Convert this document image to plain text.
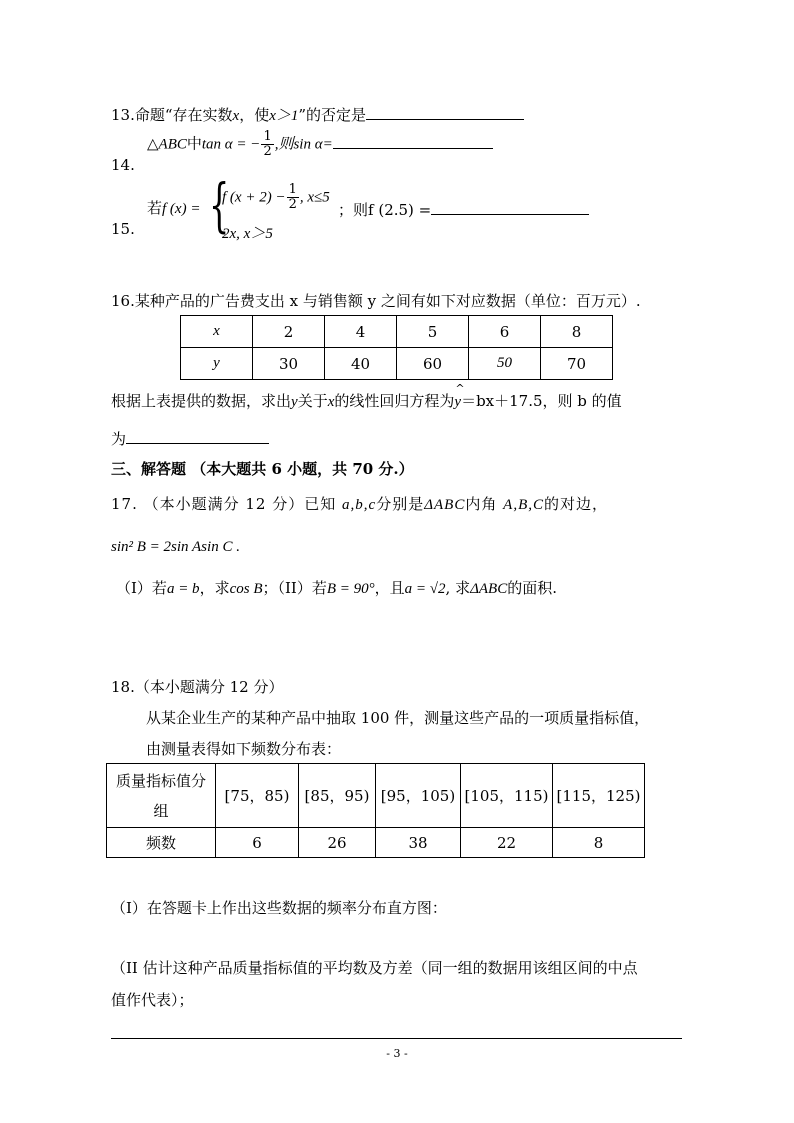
13.命题“存在实数x，使x＞1”的否定是
△ABC中tan α = − $\frac{1}{2}$ ,则sin α=
14.
若f (x) = {
f $(x + 2) - \frac{1}{2}$ , x≤5
2x, x＞5
；则f (2.5) =
15.
16.某种产品的广告费支出 x 与销售额 y 之间有如下对应数据（单位：百万元）.
x	2	4	5	6	8
y	30	40	60	50	70
根据上表提供的数据，求出y关于x的线性回归方程为
^
y＝bx＋17.5，则 b 的值
为
三、解答题 （本大题共 6 小题，共 70 分.）
17. （本小题满分 12 分）已知 a,b,c分别是ΔABC内角 A,B,C的对边，
sin² B = 2sin Asin C .
（I）若a = b，求cos B；（II）若B = 90°，且a = √2, 求ΔABC的面积.
18.（本小题满分 12 分）
从某企业生产的某种产品中抽取 100 件，测量这些产品的一项质量指标值，
由测量表得如下频数分布表：
质量指标值分
组	[75，85)	[85，95)	[95，105)	[105，115)	[115，125)
频数	6	26	38	22	8
（I）在答题卡上作出这些数据的频率分布直方图：
（II 估计这种产品质量指标值的平均数及方差（同一组的数据用该组区间的中点
值作代表）；
- 3 -
